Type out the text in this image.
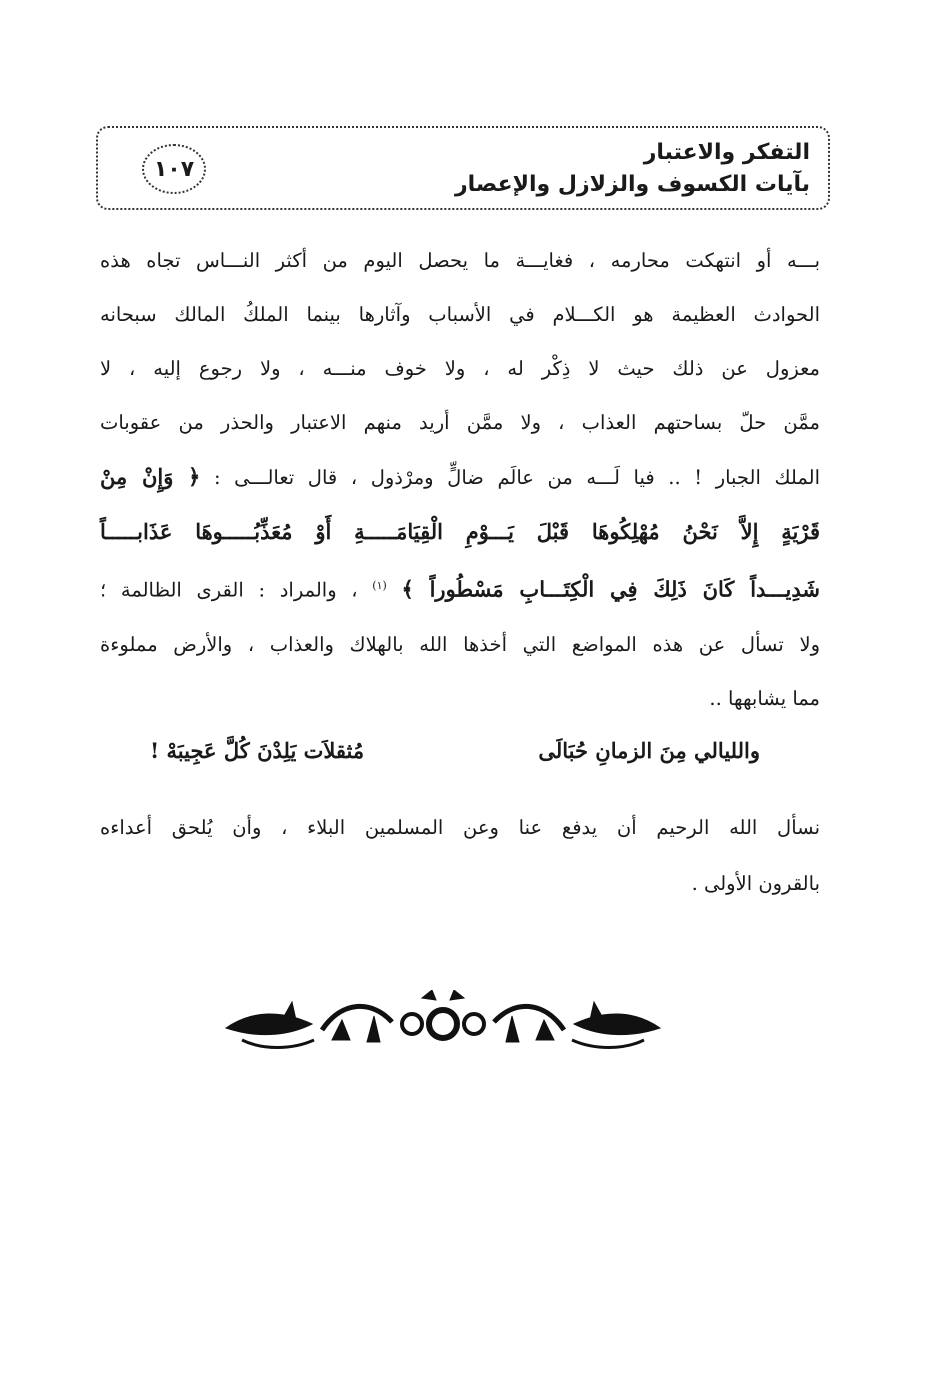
١٠٧
التفكر والاعتبار
بآيات الكسوف والزلازل والإعصار
بـــه أو انتهكت محارمه ، فغايـــة ما يحصل اليوم من أكثر النـــاس تجاه هذه
الحوادث العظيمة هو الكـــلام في الأسباب وآثارها بينما الملكُ المالك سبحانه
معزول عن ذلك حيث لا ذِكْر له ، ولا خوف منـــه ، ولا رجوع إليه ، لا
ممَّن حلّ بساحتهم العذاب ، ولا ممَّن أريد منهم الاعتبار والحذر من عقوبات
الملك الجبار ! .. فيا لَـــه من عالَم ضالٍّ ومرْذول ، قال تعالـــى : ﴿ وَإِنْ مِنْ
قَرْيَةٍ إِلاَّ نَحْنُ مُهْلِكُوهَا قَبْلَ يَـــوْمِ الْقِيَامَـــــةِ أَوْ مُعَذِّبُـــــوهَا عَذَابـــــاً
شَدِيـــداً كَانَ ذَلِكَ فِي الْكِتَـــابِ مَسْطُوراً ﴾ $^{(١)}$ ، والمراد : القرى الظالمة ؛
ولا تسأل عن هذه المواضع التي أخذها الله بالهلاك والعذاب ، والأرض مملوءة
مما يشابهها ..
والليالي مِنَ الزمانِ حُبَالَى
مُثقلاَت يَلِدْنَ كُلَّ عَجِيبَهْ !
نسأل الله الرحيم أن يدفع عنا وعن المسلمين البلاء ، وأن يُلحق أعداءه
بالقرون الأولى .
